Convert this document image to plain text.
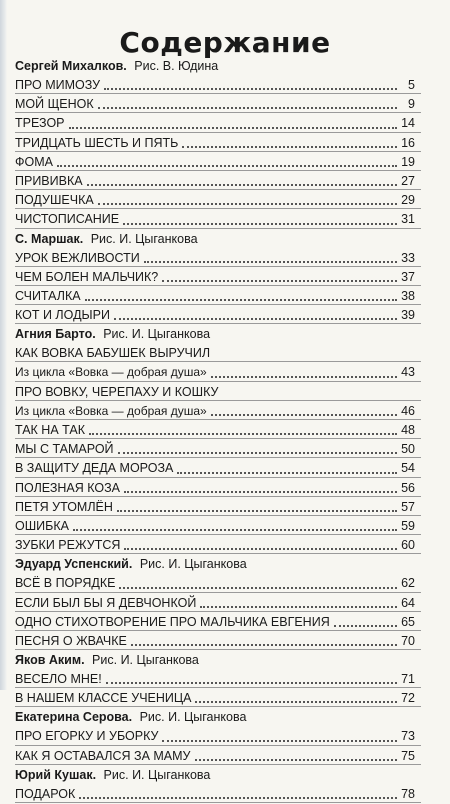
Содержание
Сергей Михалков. Рис. В. Юдина
ПРО МИМОЗУ	5
МОЙ ЩЕНОК	9
ТРЕЗОР	14
ТРИДЦАТЬ ШЕСТЬ И ПЯТЬ	16
ФОМА	19
ПРИВИВКА	27
ПОДУШЕЧКА	29
ЧИСТОПИСАНИЕ	31
С. Маршак. Рис. И. Цыганкова
УРОК ВЕЖЛИВОСТИ	33
ЧЕМ БОЛЕН МАЛЬЧИК?	37
СЧИТАЛКА	38
КОТ И ЛОДЫРИ	39
Агния Барто. Рис. И. Цыганкова
КАК ВОВКА БАБУШЕК ВЫРУЧИЛ
Из цикла «Вовка — добрая душа»	43
ПРО ВОВКУ, ЧЕРЕПАХУ И КОШКУ
Из цикла «Вовка — добрая душа»	46
ТАК НА ТАК	48
МЫ С ТАМАРОЙ	50
В ЗАЩИТУ ДЕДА МОРОЗА	54
ПОЛЕЗНАЯ КОЗА	56
ПЕТЯ УТОМЛЁН	57
ОШИБКА	59
ЗУБКИ РЕЖУТСЯ	60
Эдуард Успенский. Рис. И. Цыганкова
ВСЁ В ПОРЯДКЕ	62
ЕСЛИ БЫЛ БЫ Я ДЕВЧОНКОЙ	64
ОДНО СТИХОТВОРЕНИЕ ПРО МАЛЬЧИКА ЕВГЕНИЯ	65
ПЕСНЯ О ЖВАЧКЕ	70
Яков Аким. Рис. И. Цыганкова
ВЕСЕЛО МНЕ!	71
В НАШЕМ КЛАССЕ УЧЕНИЦА	72
Екатерина Серова. Рис. И. Цыганкова
ПРО ЕГОРКУ И УБОРКУ	73
КАК Я ОСТАВАЛСЯ ЗА МАМУ	75
Юрий Кушак. Рис. И. Цыганкова
ПОДАРОК	78
